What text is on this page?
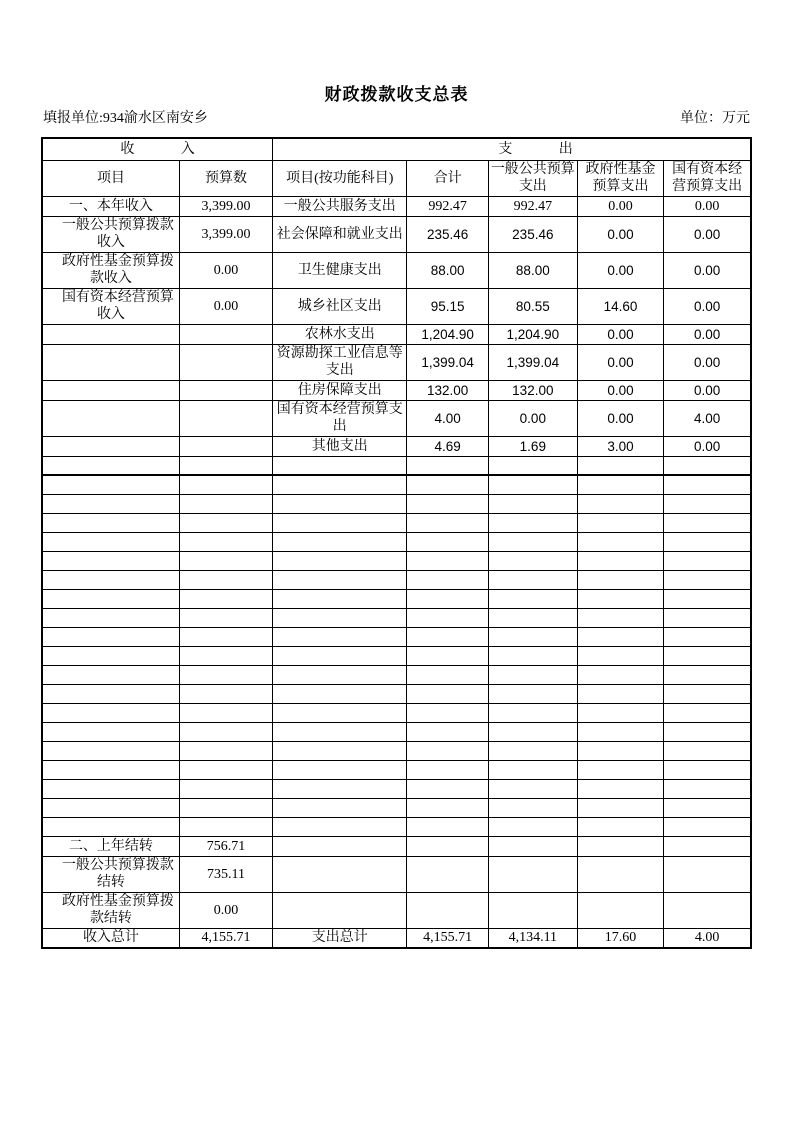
财政拨款收支总表
填报单位:934渝水区南安乡	单位：万元
收 入		支 出				
项目	预算数	项目(按功能科目)	合计	一般公共预算支出	政府性基金预算支出	国有资本经营预算支出
一、本年收入	3,399.00	一般公共服务支出	992.47	992.47	0.00	0.00
一般公共预算拨款收入	3,399.00	社会保障和就业支出	235.46	235.46	0.00	0.00
政府性基金预算拨款收入	0.00	卫生健康支出	88.00	88.00	0.00	0.00
国有资本经营预算收入	0.00	城乡社区支出	95.15	80.55	14.60	0.00
		农林水支出	1,204.90	1,204.90	0.00	0.00
		资源勘探工业信息等支出	1,399.04	1,399.04	0.00	0.00
		住房保障支出	132.00	132.00	0.00	0.00
		国有资本经营预算支出	4.00	0.00	0.00	4.00
		其他支出	4.69	1.69	3.00	0.00

二、上年结转	756.71					
一般公共预算拨款结转	735.11					
政府性基金预算拨款结转	0.00					
收入总计	4,155.71	支出总计	4,155.71	4,134.11	17.60	4.00
